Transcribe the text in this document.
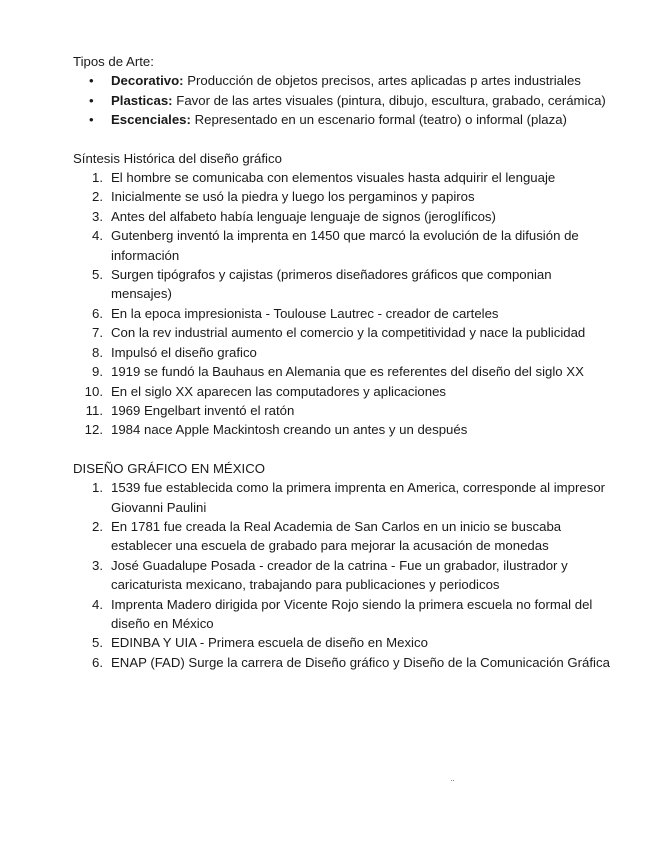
Tipos de Arte:

• Decorativo: Producción de objetos precisos, artes aplicadas p artes industriales
• Plasticas: Favor de las artes visuales (pintura, dibujo, escultura, grabado, cerámica)
• Escenciales: Representado en un escenario formal (teatro) o informal (plaza)

Síntesis Histórica del diseño gráfico

1. El hombre se comunicaba con elementos visuales hasta adquirir el lenguaje
2. Inicialmente se usó la piedra y luego los pergaminos y papiros
3. Antes del alfabeto había lenguaje lenguaje de signos (jeroglíficos)
4. Gutenberg inventó la imprenta en 1450 que marcó la evolución de la difusión de información
5. Surgen tipógrafos y cajistas (primeros diseñadores gráficos que componian mensajes)
6. En la epoca impresionista - Toulouse Lautrec - creador de carteles
7. Con la rev industrial aumento el comercio y la competitividad y nace la publicidad
8. Impulsó el diseño grafico
9. 1919 se fundó la Bauhaus en Alemania que es referentes del diseño del siglo XX
10. En el siglo XX aparecen las computadores y aplicaciones
11. 1969 Engelbart inventó el ratón
12. 1984 nace Apple Mackintosh creando un antes y un después

DISEÑO GRÁFICO EN MÉXICO

1. 1539 fue establecida como la primera imprenta en America, corresponde al impresor Giovanni Paulini
2. En 1781 fue creada la Real Academia de San Carlos en un inicio se buscaba establecer una escuela de grabado para mejorar la acusación de monedas
3. José Guadalupe Posada - creador de la catrina - Fue un grabador, ilustrador y caricaturista mexicano, trabajando para publicaciones y periodicos
4. Imprenta Madero dirigida por Vicente Rojo siendo la primera escuela no formal del diseño en México
5. EDINBA Y UIA - Primera escuela de diseño en Mexico
6. ENAP (FAD) Surge la carrera de Diseño gráfico y Diseño de la Comunicación Gráfica
¨
